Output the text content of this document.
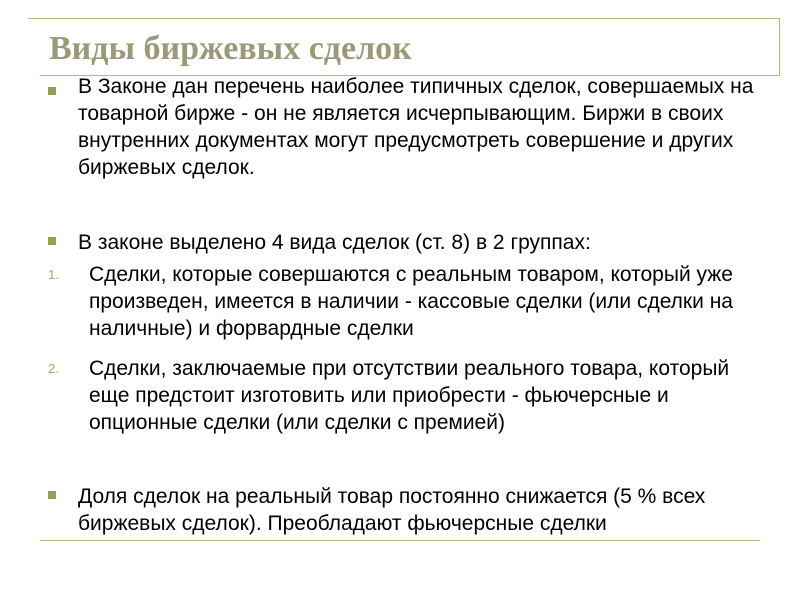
Виды биржевых сделок

В Законе дан перечень наиболее типичных сделок, совершаемых на товарной бирже - он не является исчерпывающим. Биржи в своих внутренних документах могут предусмотреть совершение и других биржевых сделок.

В законе выделено 4 вида сделок (ст. 8) в 2 группах:

1. Сделки, которые совершаются с реальным товаром, который уже произведен, имеется в наличии - кассовые сделки (или сделки на наличные) и форвардные сделки

2. Сделки, заключаемые при отсутствии реального товара, который еще предстоит изготовить или приобрести - фьючерсные и опционные сделки (или сделки с премией)

Доля сделок на реальный товар постоянно снижается (5 % всех биржевых сделок). Преобладают фьючерсные сделки
